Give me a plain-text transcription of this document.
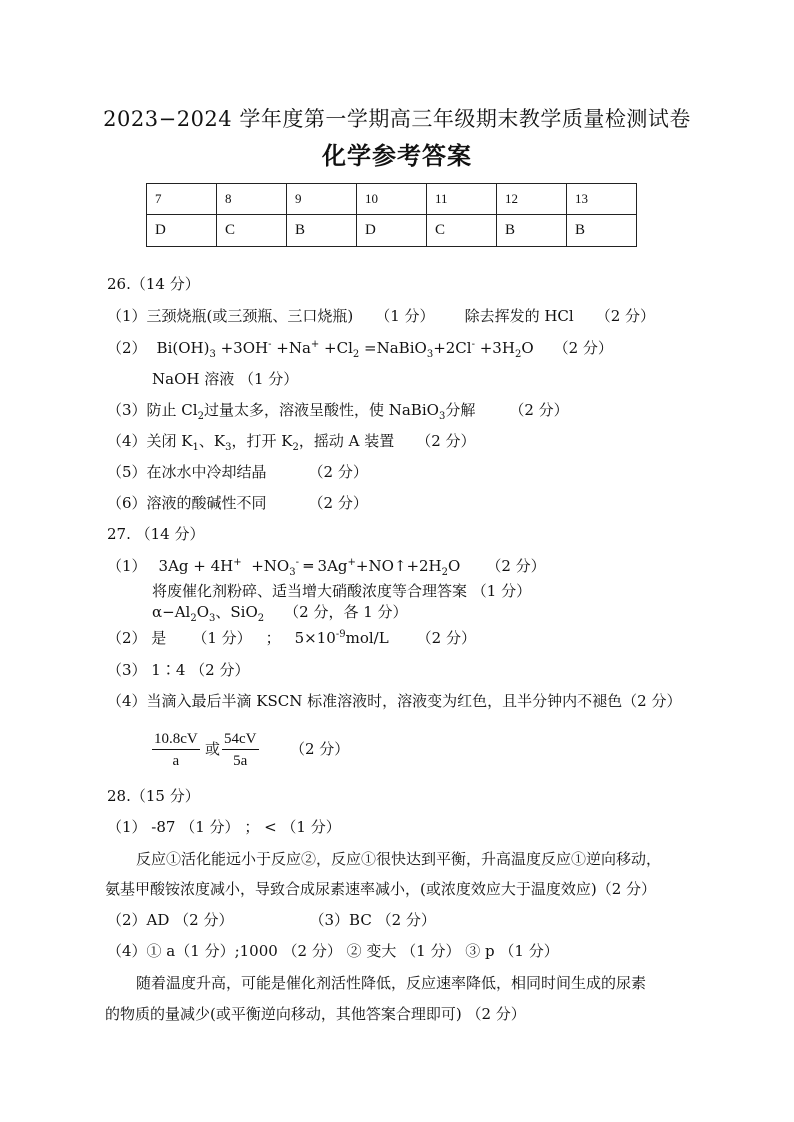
2023−2024 学年度第一学期高三年级期末教学质量检测试卷
化学参考答案
7	8	9	10	11	12	13
D	C	B	D	C	B	B
26.（14 分）
（1）三颈烧瓶(或三颈瓶、三口烧瓶) （1 分） 除去挥发的 HCl （2 分）
（2） $Bi(OH)_3 +3OH^- +Na^+ +Cl_2$ =NaBiO$_3$+2Cl- $+3H_2O$ （2 分）
NaOH 溶液 （1 分）
（3）防止 $Cl_2$过量太多，溶液呈酸性，使 NaBiO$_3$分解 （2 分）
（4）关闭 $K_1$、$K_3$，打开 $K_2$，摇动 A 装置 （2 分）
（5）在冰水中冷却结晶	（2 分）
（6）溶液的酸碱性不同	（2 分）
27. （14 分）
（1） $3Ag + 4H^+ +NO_3^-$ ═ $3Ag^++NO↑+2H_2O$ （2 分）
将废催化剂粉碎、适当增大硝酸浓度等合理答案 （1 分）
$\alpha-Al_2O_3$、SiO$_2$ （2 分，各 1 分）
（2） 是 （1 分） ； $5\times 10^{-9}mol/L$ （2 分）
（3） 1∶4 （2 分）
（4）当滴入最后半滴 KSCN 标准溶液时，溶液变为红色，且半分钟内不褪色（2 分）
$\frac{10.8cV}{a}$ 或 $\frac{54cV}{5a} (2$ 分）
28.（15 分）
（1） -87 （1 分） ； < （1 分）
反应①活化能远小于反应②，反应①很快达到平衡，升高温度反应①逆向移动，
氨基甲酸铵浓度减小，导致合成尿素速率减小，(或浓度效应大于温度效应)（2 分）
（2）AD （2 分）	（3）BC （2 分）
（4）① a（1 分）;1000 （2 分） ② 变大 （1 分） ③ p （1 分）
随着温度升高，可能是催化剂活性降低，反应速率降低，相同时间生成的尿素
的物质的量减少(或平衡逆向移动，其他答案合理即可) （2 分）
